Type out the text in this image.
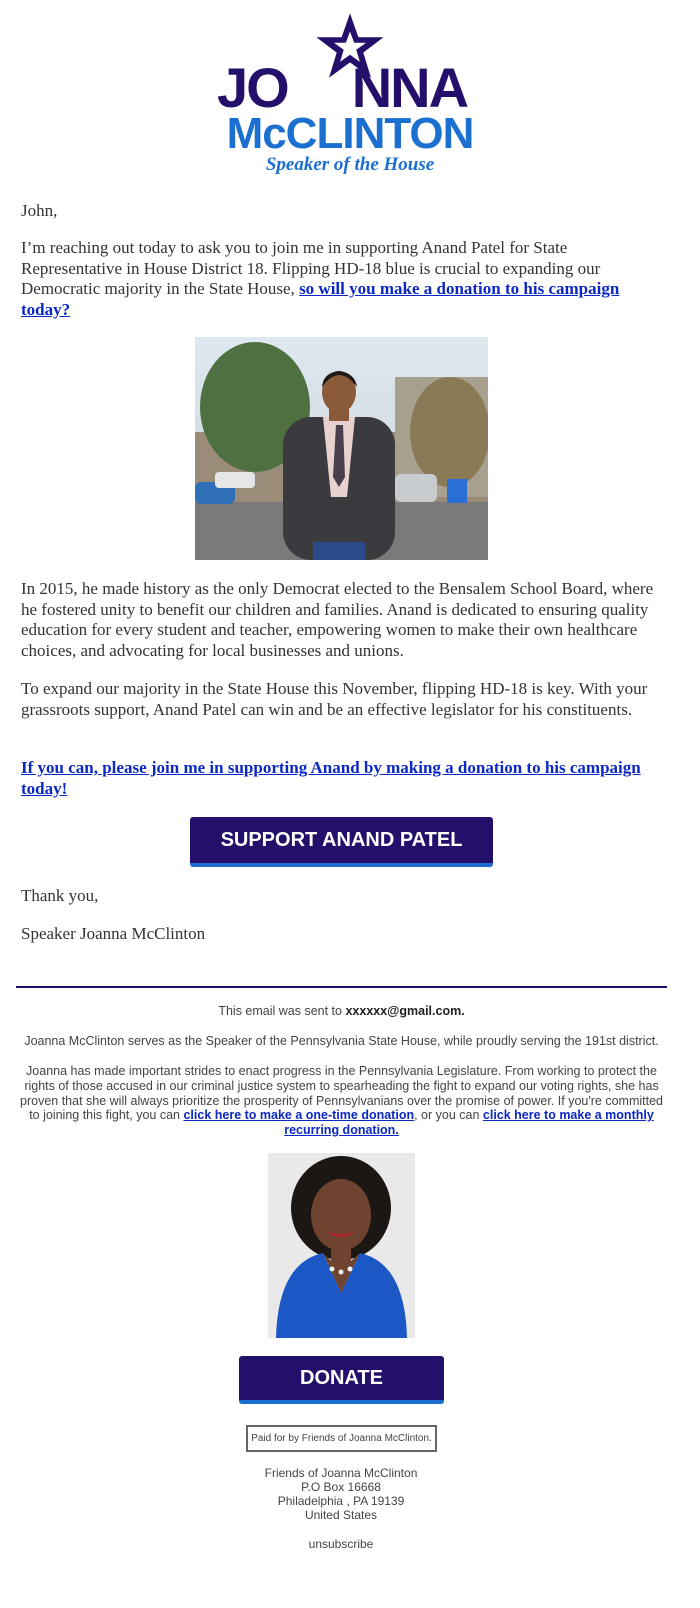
JO NNA
McCLINTON
Speaker of the House
John,
I’m reaching out today to ask you to join me in supporting Anand Patel for State Representative in House District 18. Flipping HD-18 blue is crucial to expanding our Democratic majority in the State House, so will you make a donation to his campaign today?
In 2015, he made history as the only Democrat elected to the Bensalem School Board, where he fostered unity to benefit our children and families. Anand is dedicated to ensuring quality education for every student and teacher, empowering women to make their own healthcare choices, and advocating for local businesses and unions.
To expand our majority in the State House this November, flipping HD-18 is key. With your grassroots support, Anand Patel can win and be an effective legislator for his constituents.
If you can, please join me in supporting Anand by making a donation to his campaign today!
SUPPORT ANAND PATEL
Thank you,
Speaker Joanna McClinton
This email was sent to xxxxxx@gmail.com.
Joanna McClinton serves as the Speaker of the Pennsylvania State House, while proudly serving the 191st district.
Joanna has made important strides to enact progress in the Pennsylvania Legislature. From working to protect the rights of those accused in our criminal justice system to spearheading the fight to expand our voting rights, she has proven that she will always prioritize the prosperity of Pennsylvanians over the promise of power. If you're committed to joining this fight, you can click here to make a one-time donation, or you can click here to make a monthly recurring donation.
DONATE
Paid for by Friends of Joanna McClinton.
Friends of Joanna McClinton
P.O Box 16668
Philadelphia , PA 19139
United States
unsubscribe
